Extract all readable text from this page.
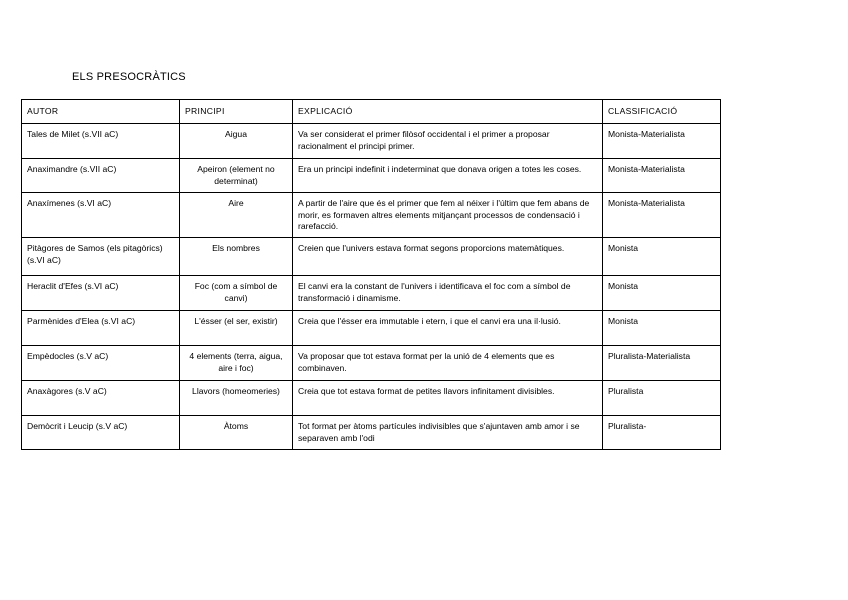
ELS PRESOCRÀTICS
AUTOR	PRINCIPI	EXPLICACIÓ	CLASSIFICACIÓ
Tales de Milet (s.VII aC)	Aigua	Va ser considerat el primer filòsof occidental i el primer a proposar racionalment el principi primer.	Monista-Materialista
Anaximandre (s.VII aC)	Apeiron (element no determinat)	Era un principi indefinit i indeterminat que donava origen a totes les coses.	Monista-Materialista
Anaxímenes (s.VI aC)	Aire	A partir de l'aire que és el primer que fem al néixer i l'últim que fem abans de morir, es formaven altres elements mitjançant processos de condensació i rarefacció.	Monista-Materialista
Pitàgores de Samos (els pitagòrics) (s.VI aC)	Els nombres	Creien que l'univers estava format segons proporcions matemàtiques.	Monista
Heraclit d'Efes (s.VI aC)	Foc (com a símbol de canvi)	El canvi era la constant de l'univers i identificava el foc com a símbol de transformació i dinamisme.	Monista
Parmènides d'Elea (s.VI aC)	L'ésser (el ser, existir)	Creia que l'ésser era immutable i etern, i que el canvi era una il·lusió.	Monista
Empèdocles (s.V aC)	4 elements (terra, aigua, aire i foc)	Va proposar que tot estava format per la unió de 4 elements que es combinaven.	Pluralista-Materialista
Anaxàgores (s.V aC)	Llavors (homeomeries)	Creia que tot estava format de petites llavors infinitament divisibles.	Pluralista
Demòcrit i Leucip (s.V aC)	Àtoms	Tot format per àtoms partícules indivisibles que s'ajuntaven amb amor i se separaven amb l'odi	Pluralista-
